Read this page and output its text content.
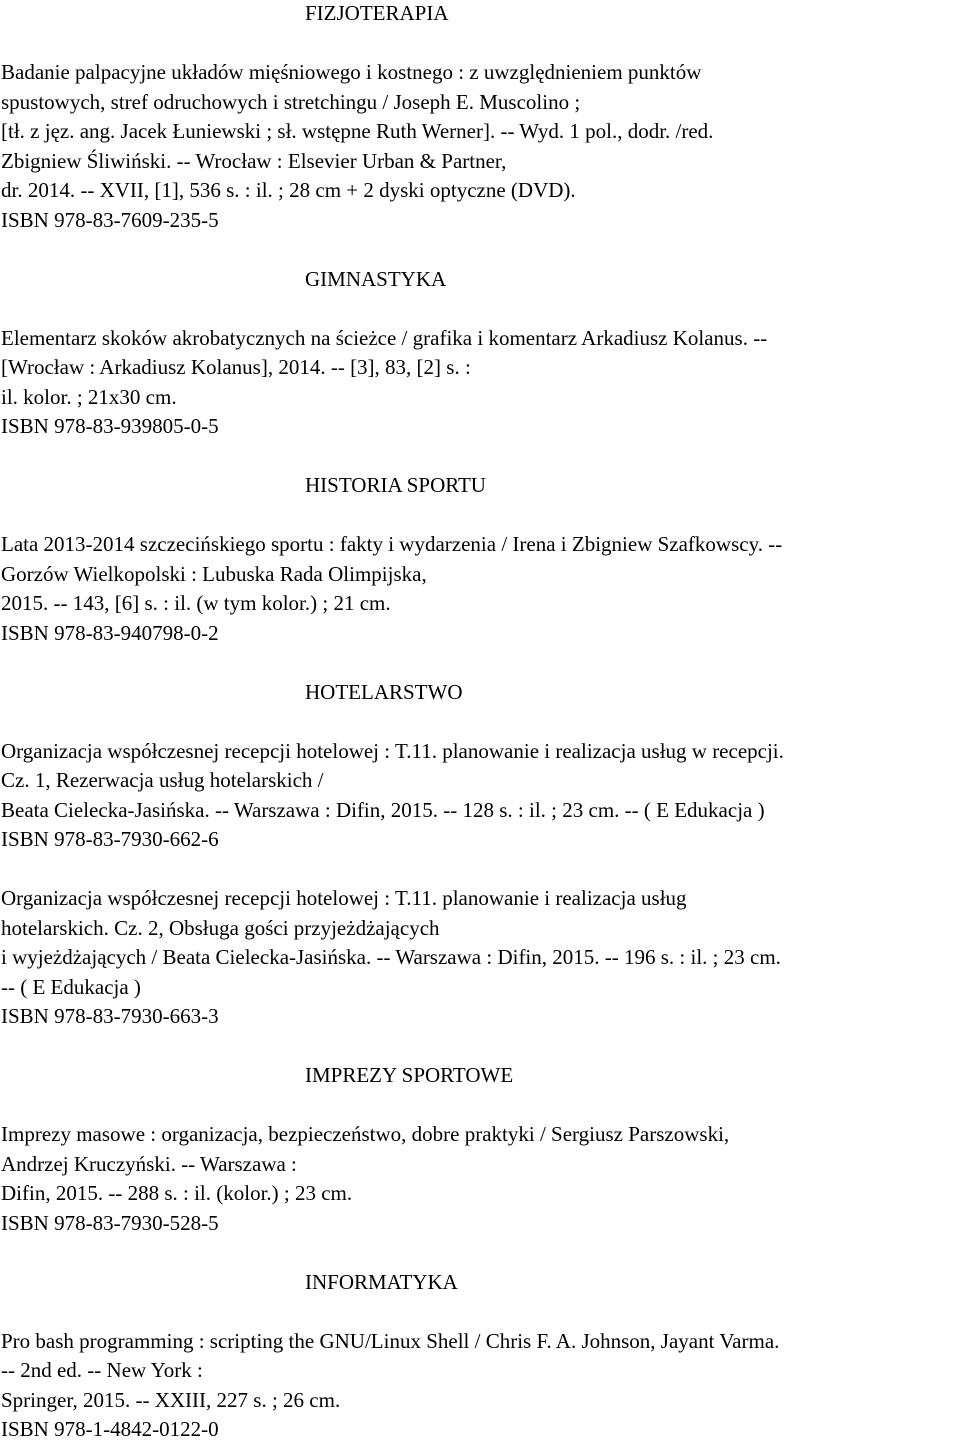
FIZJOTERAPIA
Badanie palpacyjne układów mięśniowego i kostnego : z uwzględnieniem punktów
spustowych, stref odruchowych i stretchingu / Joseph E. Muscolino ;
[tł. z jęz. ang. Jacek Łuniewski ; sł. wstępne Ruth Werner]. -- Wyd. 1 pol., dodr. /red.
Zbigniew Śliwiński. -- Wrocław : Elsevier Urban & Partner,
dr. 2014. -- XVII, [1], 536 s. : il. ; 28 cm + 2 dyski optyczne (DVD).
ISBN 978-83-7609-235-5
GIMNASTYKA
Elementarz skoków akrobatycznych na ścieżce / grafika i komentarz Arkadiusz Kolanus. --
[Wrocław : Arkadiusz Kolanus], 2014. -- [3], 83, [2] s. :
il. kolor. ; 21x30 cm.
ISBN 978-83-939805-0-5
HISTORIA SPORTU
Lata 2013-2014 szczecińskiego sportu : fakty i wydarzenia / Irena i Zbigniew Szafkowscy. --
Gorzów Wielkopolski : Lubuska Rada Olimpijska,
2015. -- 143, [6] s. : il. (w tym kolor.) ; 21 cm.
ISBN 978-83-940798-0-2
HOTELARSTWO
Organizacja współczesnej recepcji hotelowej : T.11. planowanie i realizacja usług w recepcji.
Cz. 1, Rezerwacja usług hotelarskich /
Beata Cielecka-Jasińska. -- Warszawa : Difin, 2015. -- 128 s. : il. ; 23 cm. -- ( E Edukacja )
ISBN 978-83-7930-662-6
Organizacja współczesnej recepcji hotelowej : T.11. planowanie i realizacja usług
hotelarskich. Cz. 2, Obsługa gości przyjeżdżających
i wyjeżdżających / Beata Cielecka-Jasińska. -- Warszawa : Difin, 2015. -- 196 s. : il. ; 23 cm.
-- ( E Edukacja )
ISBN 978-83-7930-663-3
IMPREZY SPORTOWE
Imprezy masowe : organizacja, bezpieczeństwo, dobre praktyki / Sergiusz Parszowski,
Andrzej Kruczyński. -- Warszawa :
Difin, 2015. -- 288 s. : il. (kolor.) ; 23 cm.
ISBN 978-83-7930-528-5
INFORMATYKA
Pro bash programming : scripting the GNU/Linux Shell / Chris F. A. Johnson, Jayant Varma.
-- 2nd ed. -- New York :
Springer, 2015. -- XXIII, 227 s. ; 26 cm.
ISBN 978-1-4842-0122-0
